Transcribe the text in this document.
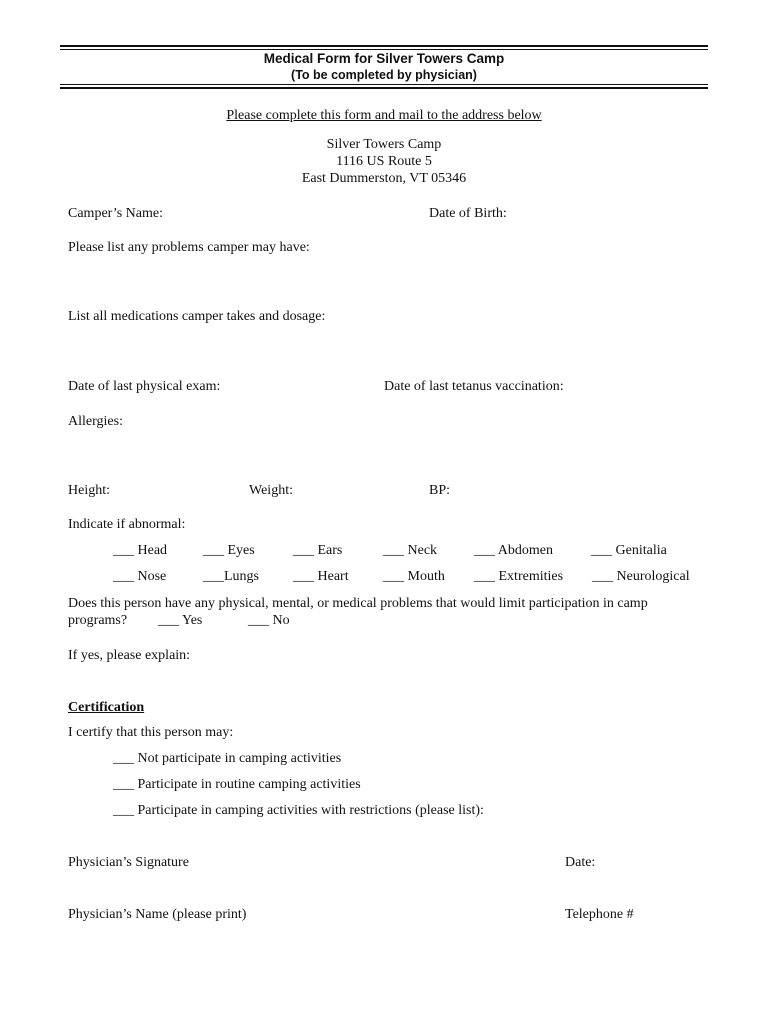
Medical Form for Silver Towers Camp
(To be completed by physician)
Please complete this form and mail to the address below
Silver Towers Camp
1116 US Route 5
East Dummerston, VT 05346
Camper’s Name:	Date of Birth:
Please list any problems camper may have:
List all medications camper takes and dosage:
Date of last physical exam:	Date of last tetanus vaccination:
Allergies:
Height:	Weight:	BP:
Indicate if abnormal:
___ Head	___ Eyes	___ Ears	___ Neck	___ Abdomen	___ Genitalia
___ Nose	___Lungs ___ Heart ___ Mouth ___ Extremities ___ Neurological
Does this person have any physical, mental, or medical problems that would limit participation in camp
programs? ___ Yes	___ No
If yes, please explain:
Certification
I certify that this person may:
___ Not participate in camping activities
___ Participate in routine camping activities
___ Participate in camping activities with restrictions (please list):
Physician’s Signature	Date:
Physician’s Name (please print)	Telephone #
